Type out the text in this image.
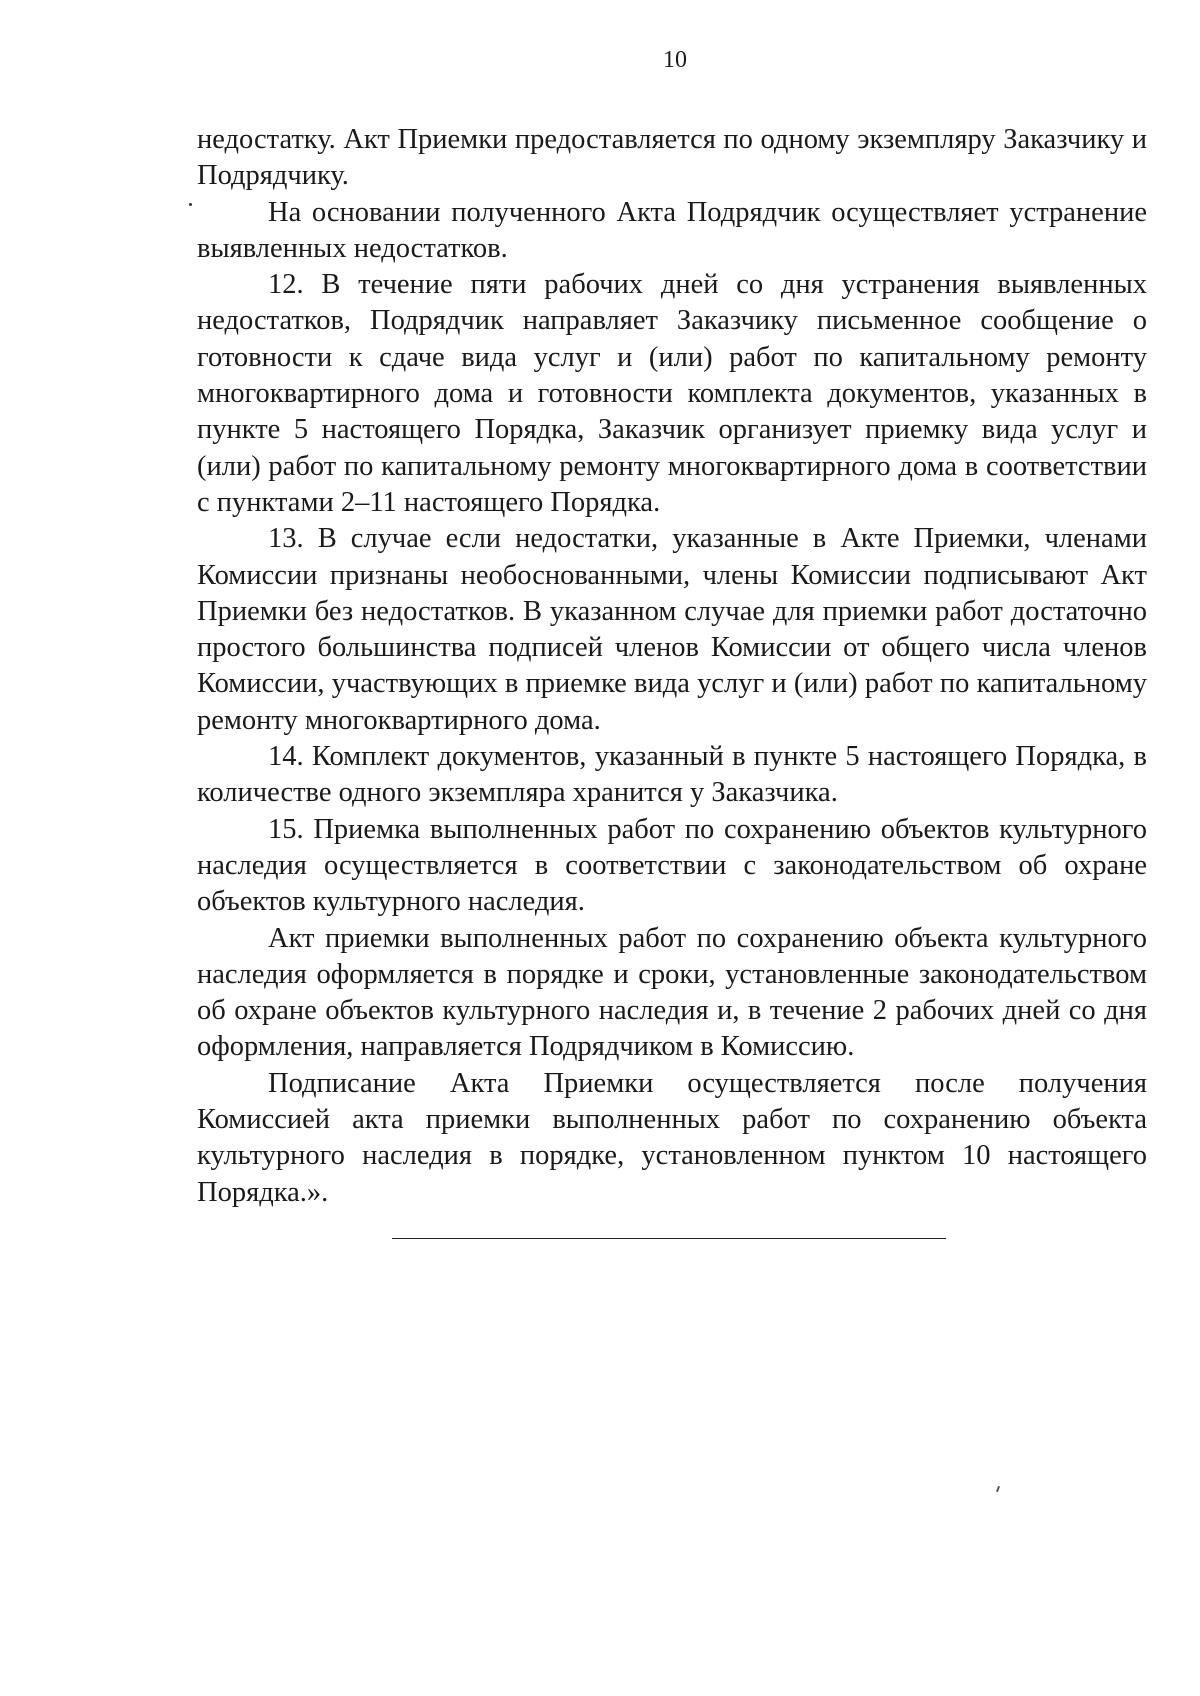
10

недостатку. Акт Приемки предоставляется по одному экземпляру Заказчику и Подрядчику.

На основании полученного Акта Подрядчик осуществляет устранение выявленных недостатков.

12. В течение пяти рабочих дней со дня устранения выявленных недостатков, Подрядчик направляет Заказчику письменное сообщение о готовности к сдаче вида услуг и (или) работ по капитальному ремонту многоквартирного дома и готовности комплекта документов, указанных в пункте 5 настоящего Порядка, Заказчик организует приемку вида услуг и (или) работ по капитальному ремонту многоквартирного дома в соответствии с пунктами 2–11 настоящего Порядка.

13. В случае если недостатки, указанные в Акте Приемки, членами Комиссии признаны необоснованными, члены Комиссии подписывают Акт Приемки без недостатков. В указанном случае для приемки работ достаточно простого большинства подписей членов Комиссии от общего числа членов Комиссии, участвующих в приемке вида услуг и (или) работ по капитальному ремонту многоквартирного дома.

14. Комплект документов, указанный в пункте 5 настоящего Порядка, в количестве одного экземпляра хранится у Заказчика.

15. Приемка выполненных работ по сохранению объектов культурного наследия осуществляется в соответствии с законодательством об охране объектов культурного наследия.

Акт приемки выполненных работ по сохранению объекта культурного наследия оформляется в порядке и сроки, установленные законодательством об охране объектов культурного наследия и, в течение 2 рабочих дней со дня оформления, направляется Подрядчиком в Комиссию.

Подписание Акта Приемки осуществляется после получения Комиссией акта приемки выполненных работ по сохранению объекта культурного наследия в порядке, установленном пунктом 10 настоящего Порядка.».
